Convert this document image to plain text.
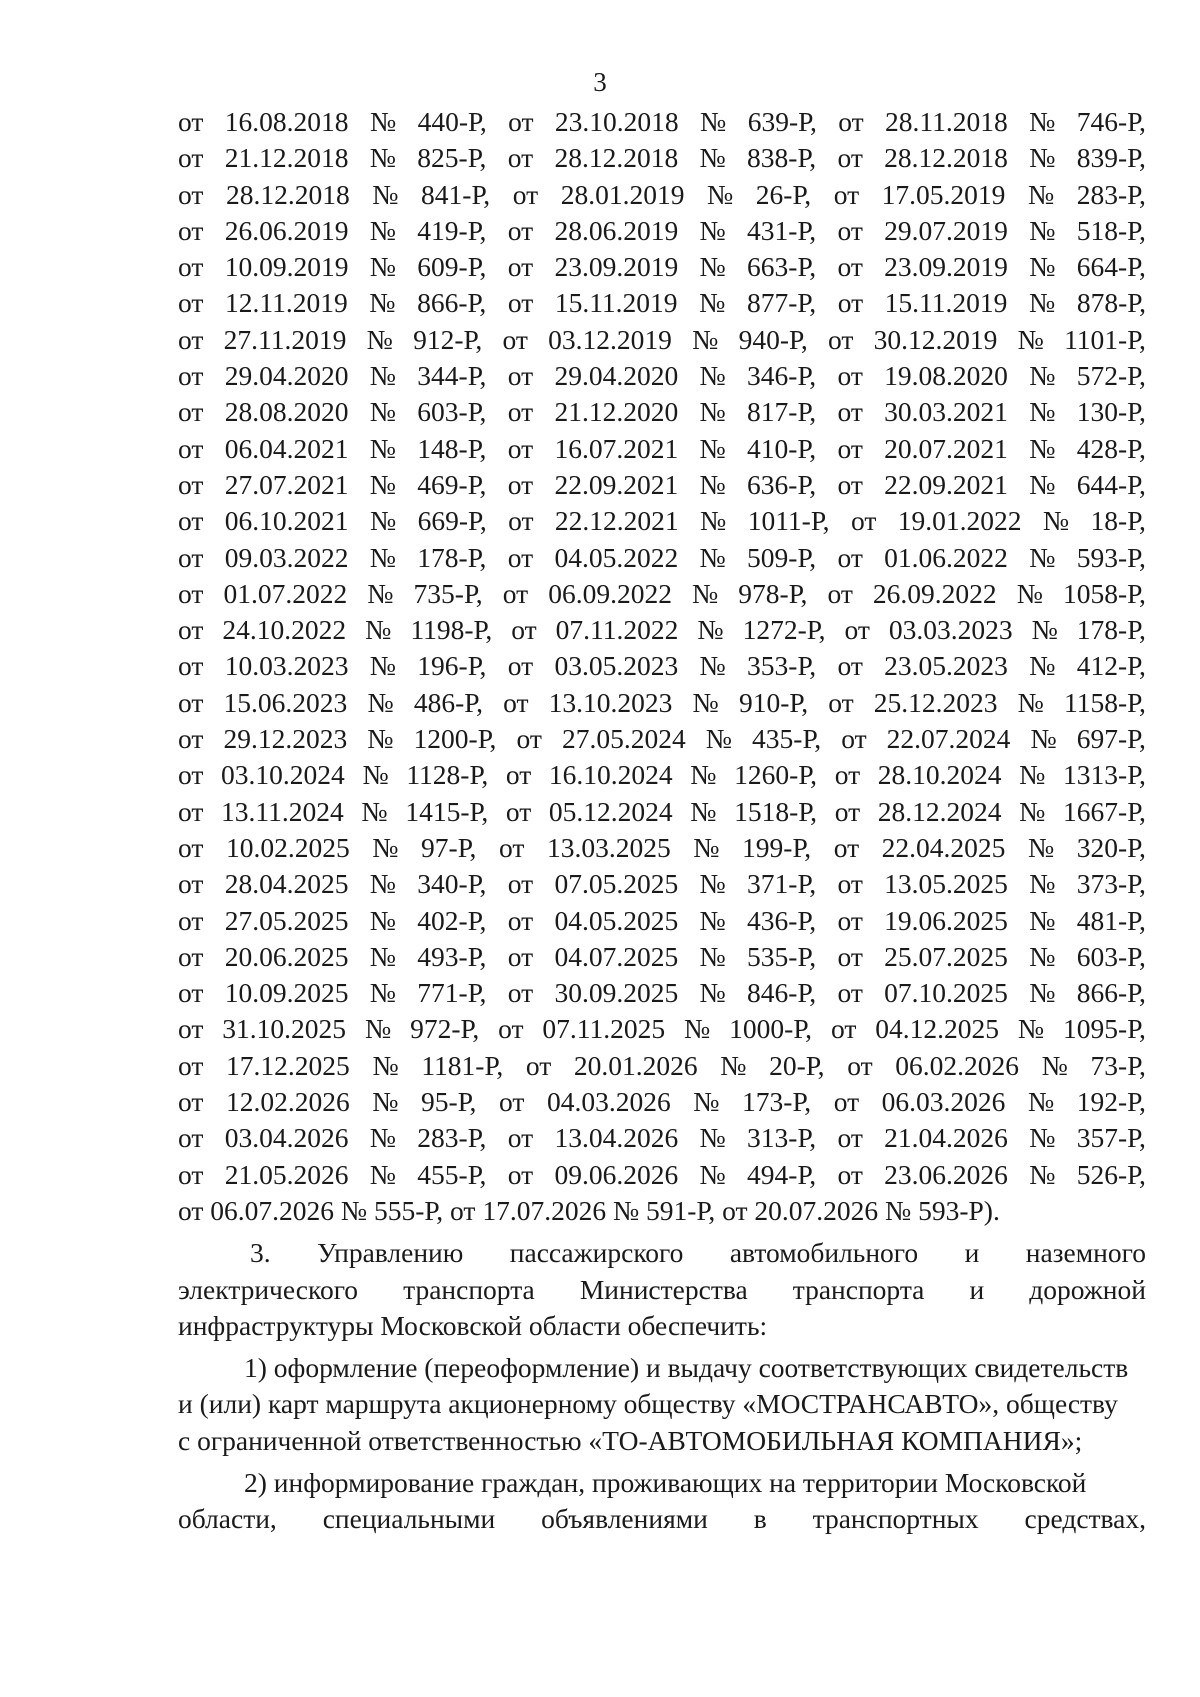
3
от 16.08.2018 № 440-Р, от 23.10.2018 № 639-Р, от 28.11.2018 № 746-Р,
от 21.12.2018 № 825-Р, от 28.12.2018 № 838-Р, от 28.12.2018 № 839-Р,
от 28.12.2018 № 841-Р, от 28.01.2019 № 26-Р, от 17.05.2019 № 283-Р,
от 26.06.2019 № 419-Р, от 28.06.2019 № 431-Р, от 29.07.2019 № 518-Р,
от 10.09.2019 № 609-Р, от 23.09.2019 № 663-Р, от 23.09.2019 № 664-Р,
от 12.11.2019 № 866-Р, от 15.11.2019 № 877-Р, от 15.11.2019 № 878-Р,
от 27.11.2019 № 912-Р, от 03.12.2019 № 940-Р, от 30.12.2019 № 1101-Р,
от 29.04.2020 № 344-Р, от 29.04.2020 № 346-Р, от 19.08.2020 № 572-Р,
от 28.08.2020 № 603-Р, от 21.12.2020 № 817-Р, от 30.03.2021 № 130-Р,
от 06.04.2021 № 148-Р, от 16.07.2021 № 410-Р, от 20.07.2021 № 428-Р,
от 27.07.2021 № 469-Р, от 22.09.2021 № 636-Р, от 22.09.2021 № 644-Р,
от 06.10.2021 № 669-Р, от 22.12.2021 № 1011-Р, от 19.01.2022 № 18-Р,
от 09.03.2022 № 178-Р, от 04.05.2022 № 509-Р, от 01.06.2022 № 593-Р,
от 01.07.2022 № 735-Р, от 06.09.2022 № 978-Р, от 26.09.2022 № 1058-Р,
от 24.10.2022 № 1198-Р, от 07.11.2022 № 1272-Р, от 03.03.2023 № 178-Р,
от 10.03.2023 № 196-Р, от 03.05.2023 № 353-Р, от 23.05.2023 № 412-Р,
от 15.06.2023 № 486-Р, от 13.10.2023 № 910-Р, от 25.12.2023 № 1158-Р,
от 29.12.2023 № 1200-Р, от 27.05.2024 № 435-Р, от 22.07.2024 № 697-Р,
от 03.10.2024 № 1128-Р, от 16.10.2024 № 1260-Р, от 28.10.2024 № 1313-Р,
от 13.11.2024 № 1415-Р, от 05.12.2024 № 1518-Р, от 28.12.2024 № 1667-Р,
от 10.02.2025 № 97-Р, от 13.03.2025 № 199-Р, от 22.04.2025 № 320-Р,
от 28.04.2025 № 340-Р, от 07.05.2025 № 371-Р, от 13.05.2025 № 373-Р,
от 27.05.2025 № 402-Р, от 04.05.2025 № 436-Р, от 19.06.2025 № 481-Р,
от 20.06.2025 № 493-Р, от 04.07.2025 № 535-Р, от 25.07.2025 № 603-Р,
от 10.09.2025 № 771-Р, от 30.09.2025 № 846-Р, от 07.10.2025 № 866-Р,
от 31.10.2025 № 972-Р, от 07.11.2025 № 1000-Р, от 04.12.2025 № 1095-Р,
от 17.12.2025 № 1181-Р, от 20.01.2026 № 20-Р, от 06.02.2026 № 73-Р,
от 12.02.2026 № 95-Р, от 04.03.2026 № 173-Р, от 06.03.2026 № 192-Р,
от 03.04.2026 № 283-Р, от 13.04.2026 № 313-Р, от 21.04.2026 № 357-Р,
от 21.05.2026 № 455-Р, от 09.06.2026 № 494-Р, от 23.06.2026 № 526-Р,
от 06.07.2026 № 555-Р, от 17.07.2026 № 591-Р, от 20.07.2026 № 593-Р).
3. Управлению пассажирского автомобильного и наземного
электрического транспорта Министерства транспорта и дорожной
инфраструктуры Московской области обеспечить:
1) оформление (переоформление) и выдачу соответствующих свидетельств
и (или) карт маршрута акционерному обществу «МОСТРАНСАВТО», обществу
с ограниченной ответственностью «ТО-АВТОМОБИЛЬНАЯ КОМПАНИЯ»;
2) информирование граждан, проживающих на территории Московской
области, специальными объявлениями в транспортных средствах,
